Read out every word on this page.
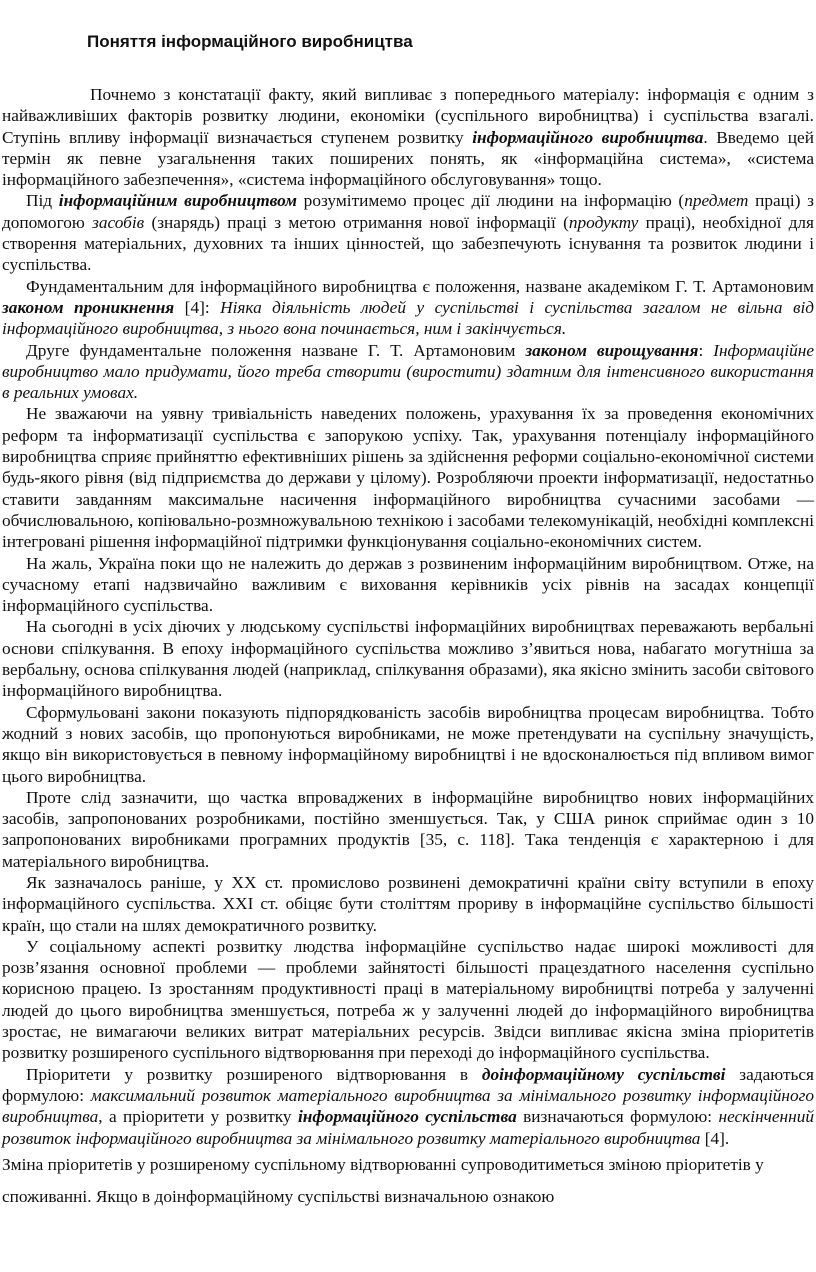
Поняття інформаційного виробництва

Почнемо з констатації факту, який випливає з попереднього матеріалу: інформація є одним з найважливіших факторів розвитку людини, економіки (суспільного виробництва) і суспільства взагалі. Ступінь впливу інформації визначається ступенем розвитку інформаційного виробництва. Введемо цей термін як певне узагальнення таких поширених понять, як «інформаційна система», «система інформаційного забезпечення», «система інформаційного обслуговування» тощо.

Під інформаційним виробництвом розумітимемо процес дії людини на інформацію (предмет праці) з допомогою засобів (знарядь) праці з метою отримання нової інформації (продукту праці), необхідної для створення матеріальних, духовних та інших цінностей, що забезпечують існування та розвиток людини і суспільства.

Фундаментальним для інформаційного виробництва є положення, назване академіком Г. Т. Артамоновим законом проникнення [4]: Ніяка діяльність людей у суспільстві і суспільства загалом не вільна від інформаційного виробництва, з нього вона починається, ним і закінчується.

Друге фундаментальне положення назване Г. Т. Артамоновим законом вирощування: Інформаційне виробництво мало придумати, його треба створити (виростити) здатним для інтенсивного використання в реальних умовах.

Не зважаючи на уявну тривіальність наведених положень, урахування їх за проведення економічних реформ та інформатизації суспільства є запорукою успіху. Так, урахування потенціалу інформаційного виробництва сприяє прийняттю ефективніших рішень за здійснення реформи соціально-економічної системи будь-якого рівня (від підприємства до держави у цілому). Розробляючи проекти інформатизації, недостатньо ставити завданням максимальне насичення інформаційного виробництва сучасними засобами — обчислювальною, копіювально-розмножувальною технікою і засобами телекомунікацій, необхідні комплексні інтегровані рішення інформаційної підтримки функціонування соціально-економічних систем.

На жаль, Україна поки що не належить до держав з розвиненим інформаційним виробництвом. Отже, на сучасному етапі надзвичайно важливим є виховання керівників усіх рівнів на засадах концепції інформаційного суспільства.

На сьогодні в усіх діючих у людському суспільстві інформаційних виробництвах переважають вербальні основи спілкування. В епоху інформаційного суспільства можливо з’явиться нова, набагато могутніша за вербальну, основа спілкування людей (наприклад, спілкування образами), яка якісно змінить засоби світового інформаційного виробництва.

Сформульовані закони показують підпорядкованість засобів виробництва процесам виробництва. Тобто жодний з нових засобів, що пропонуються виробниками, не може претендувати на суспільну значущість, якщо він використовується в певному інформаційному виробництві і не вдосконалюється під впливом вимог цього виробництва.

Проте слід зазначити, що частка впроваджених в інформаційне виробництво нових інформаційних засобів, запропонованих розробниками, постійно зменшується. Так, у США ринок сприймає один з 10 запропонованих виробниками програмних продуктів [35, с. 118]. Така тенденція є характерною і для матеріального виробництва.

Як зазначалось раніше, у ХХ ст. промислово розвинені демократичні країни світу вступили в епоху інформаційного суспільства. XXI ст. обіцяє бути століттям прориву в інформаційне суспільство більшості країн, що стали на шлях демократичного розвитку.

У соціальному аспекті розвитку людства інформаційне суспільство надає широкі можливості для розв’язання основної проблеми — проблеми зайнятості більшості працездатного населення суспільно корисною працею. Із зростанням продуктивності праці в матеріальному виробництві потреба у залученні людей до цього виробництва зменшується, потреба ж у залученні людей до інформаційного виробництва зростає, не вимагаючи великих витрат матеріальних ресурсів. Звідси випливає якісна зміна пріоритетів розвитку розширеного суспільного відтворювання при переході до інформаційного суспільства.

Пріоритети у розвитку розширеного відтворювання в доінформаційному суспільстві задаються формулою: максимальний розвиток матеріального виробництва за мінімального розвитку інформаційного виробництва, а пріоритети у розвитку інформаційного суспільства визначаються формулою: нескінченний розвиток інформаційного виробництва за мінімального розвитку матеріального виробництва [4].

Зміна пріоритетів у розширеному суспільному відтворюванні супроводитиметься зміною пріоритетів у споживанні. Якщо в доінформаційному суспільстві визначальною ознакою
